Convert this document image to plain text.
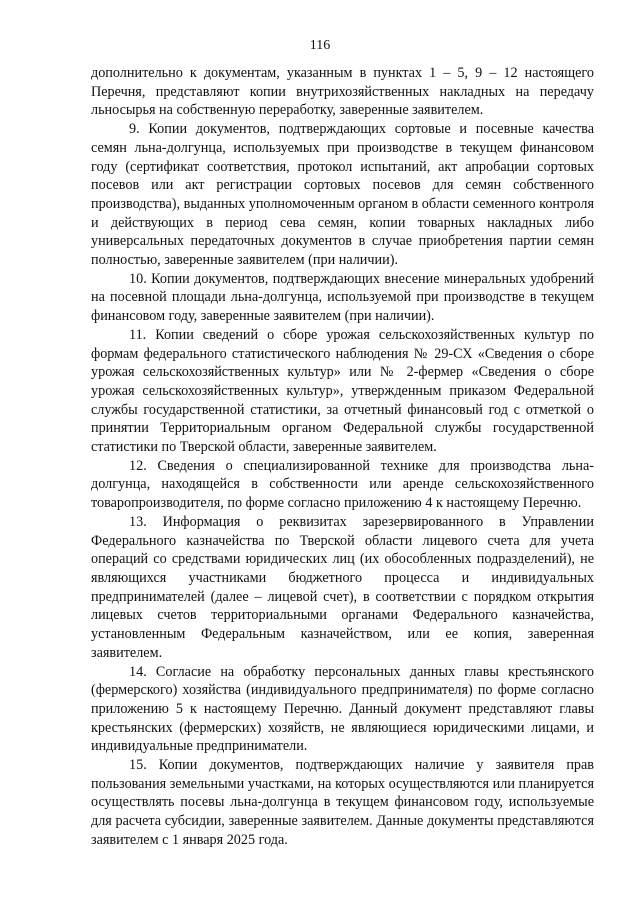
116

дополнительно к документам, указанным в пунктах 1 – 5, 9 – 12 настоящего Перечня, представляют копии внутрихозяйственных накладных на передачу льносырья на собственную переработку, заверенные заявителем.

9. Копии документов, подтверждающих сортовые и посевные качества семян льна-долгунца, используемых при производстве в текущем финансовом году (сертификат соответствия, протокол испытаний, акт апробации сортовых посевов или акт регистрации сортовых посевов для семян собственного производства), выданных уполномоченным органом в области семенного контроля и действующих в период сева семян, копии товарных накладных либо универсальных передаточных документов в случае приобретения партии семян полностью, заверенные заявителем (при наличии).

10. Копии документов, подтверждающих внесение минеральных удобрений на посевной площади льна-долгунца, используемой при производстве в текущем финансовом году, заверенные заявителем (при наличии).

11. Копии сведений о сборе урожая сельскохозяйственных культур по формам федерального статистического наблюдения № 29-СХ «Сведения о сборе урожая сельскохозяйственных культур» или № 2-фермер «Сведения о сборе урожая сельскохозяйственных культур», утвержденным приказом Федеральной службы государственной статистики, за отчетный финансовый год с отметкой о принятии Территориальным органом Федеральной службы государственной статистики по Тверской области, заверенные заявителем.

12. Сведения о специализированной технике для производства льна-долгунца, находящейся в собственности или аренде сельскохозяйственного товаропроизводителя, по форме согласно приложению 4 к настоящему Перечню.

13. Информация о реквизитах зарезервированного в Управлении Федерального казначейства по Тверской области лицевого счета для учета операций со средствами юридических лиц (их обособленных подразделений), не являющихся участниками бюджетного процесса и индивидуальных предпринимателей (далее – лицевой счет), в соответствии с порядком открытия лицевых счетов территориальными органами Федерального казначейства, установленным Федеральным казначейством, или ее копия, заверенная заявителем.

14. Согласие на обработку персональных данных главы крестьянского (фермерского) хозяйства (индивидуального предпринимателя) по форме согласно приложению 5 к настоящему Перечню. Данный документ представляют главы крестьянских (фермерских) хозяйств, не являющиеся юридическими лицами, и индивидуальные предприниматели.

15. Копии документов, подтверждающих наличие у заявителя прав пользования земельными участками, на которых осуществляются или планируется осуществлять посевы льна-долгунца в текущем финансовом году, используемые для расчета субсидии, заверенные заявителем. Данные документы представляются заявителем с 1 января 2025 года.
